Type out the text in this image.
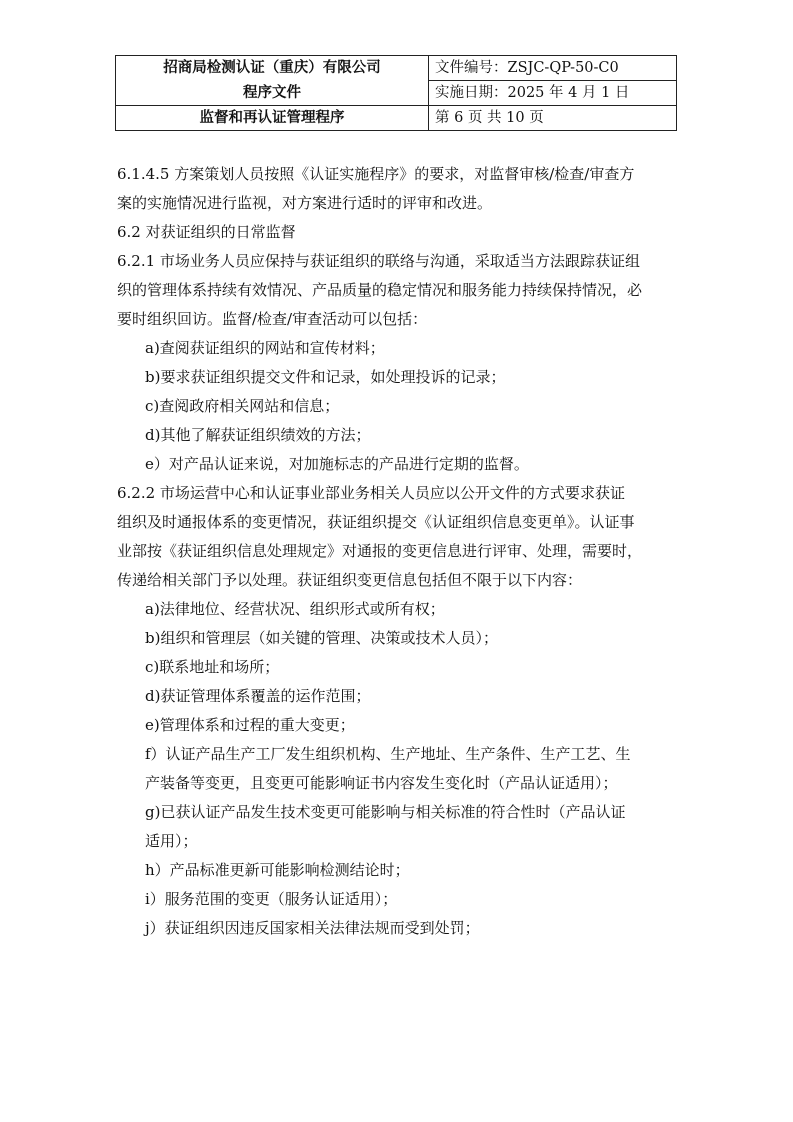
招商局检测认证（重庆）有限公司	文件编号：ZSJC-QP-50-C0
程序文件	实施日期：2025 年 4 月 1 日
监督和再认证管理程序	第 6 页 共 10 页

6.1.4.5 方案策划人员按照《认证实施程序》的要求，对监督审核/检查/审查方

案的实施情况进行监视，对方案进行适时的评审和改进。

6.2 对获证组织的日常监督

6.2.1 市场业务人员应保持与获证组织的联络与沟通，采取适当方法跟踪获证组

织的管理体系持续有效情况、产品质量的稳定情况和服务能力持续保持情况，必

要时组织回访。监督/检查/审查活动可以包括：

a)查阅获证组织的网站和宣传材料；

b)要求获证组织提交文件和记录，如处理投诉的记录；

c)查阅政府相关网站和信息；

d)其他了解获证组织绩效的方法；

e）对产品认证来说，对加施标志的产品进行定期的监督。

6.2.2 市场运营中心和认证事业部业务相关人员应以公开文件的方式要求获证

组织及时通报体系的变更情况，获证组织提交《认证组织信息变更单》。认证事

业部按《获证组织信息处理规定》对通报的变更信息进行评审、处理，需要时，

传递给相关部门予以处理。获证组织变更信息包括但不限于以下内容：

a)法律地位、经营状况、组织形式或所有权；

b)组织和管理层（如关键的管理、决策或技术人员）；

c)联系地址和场所；

d)获证管理体系覆盖的运作范围；

e)管理体系和过程的重大变更；

f）认证产品生产工厂发生组织机构、生产地址、生产条件、生产工艺、生

产装备等变更，且变更可能影响证书内容发生变化时（产品认证适用）；

g)已获认证产品发生技术变更可能影响与相关标准的符合性时（产品认证

适用）；

h）产品标准更新可能影响检测结论时；

i）服务范围的变更（服务认证适用）；

j）获证组织因违反国家相关法律法规而受到处罚；
